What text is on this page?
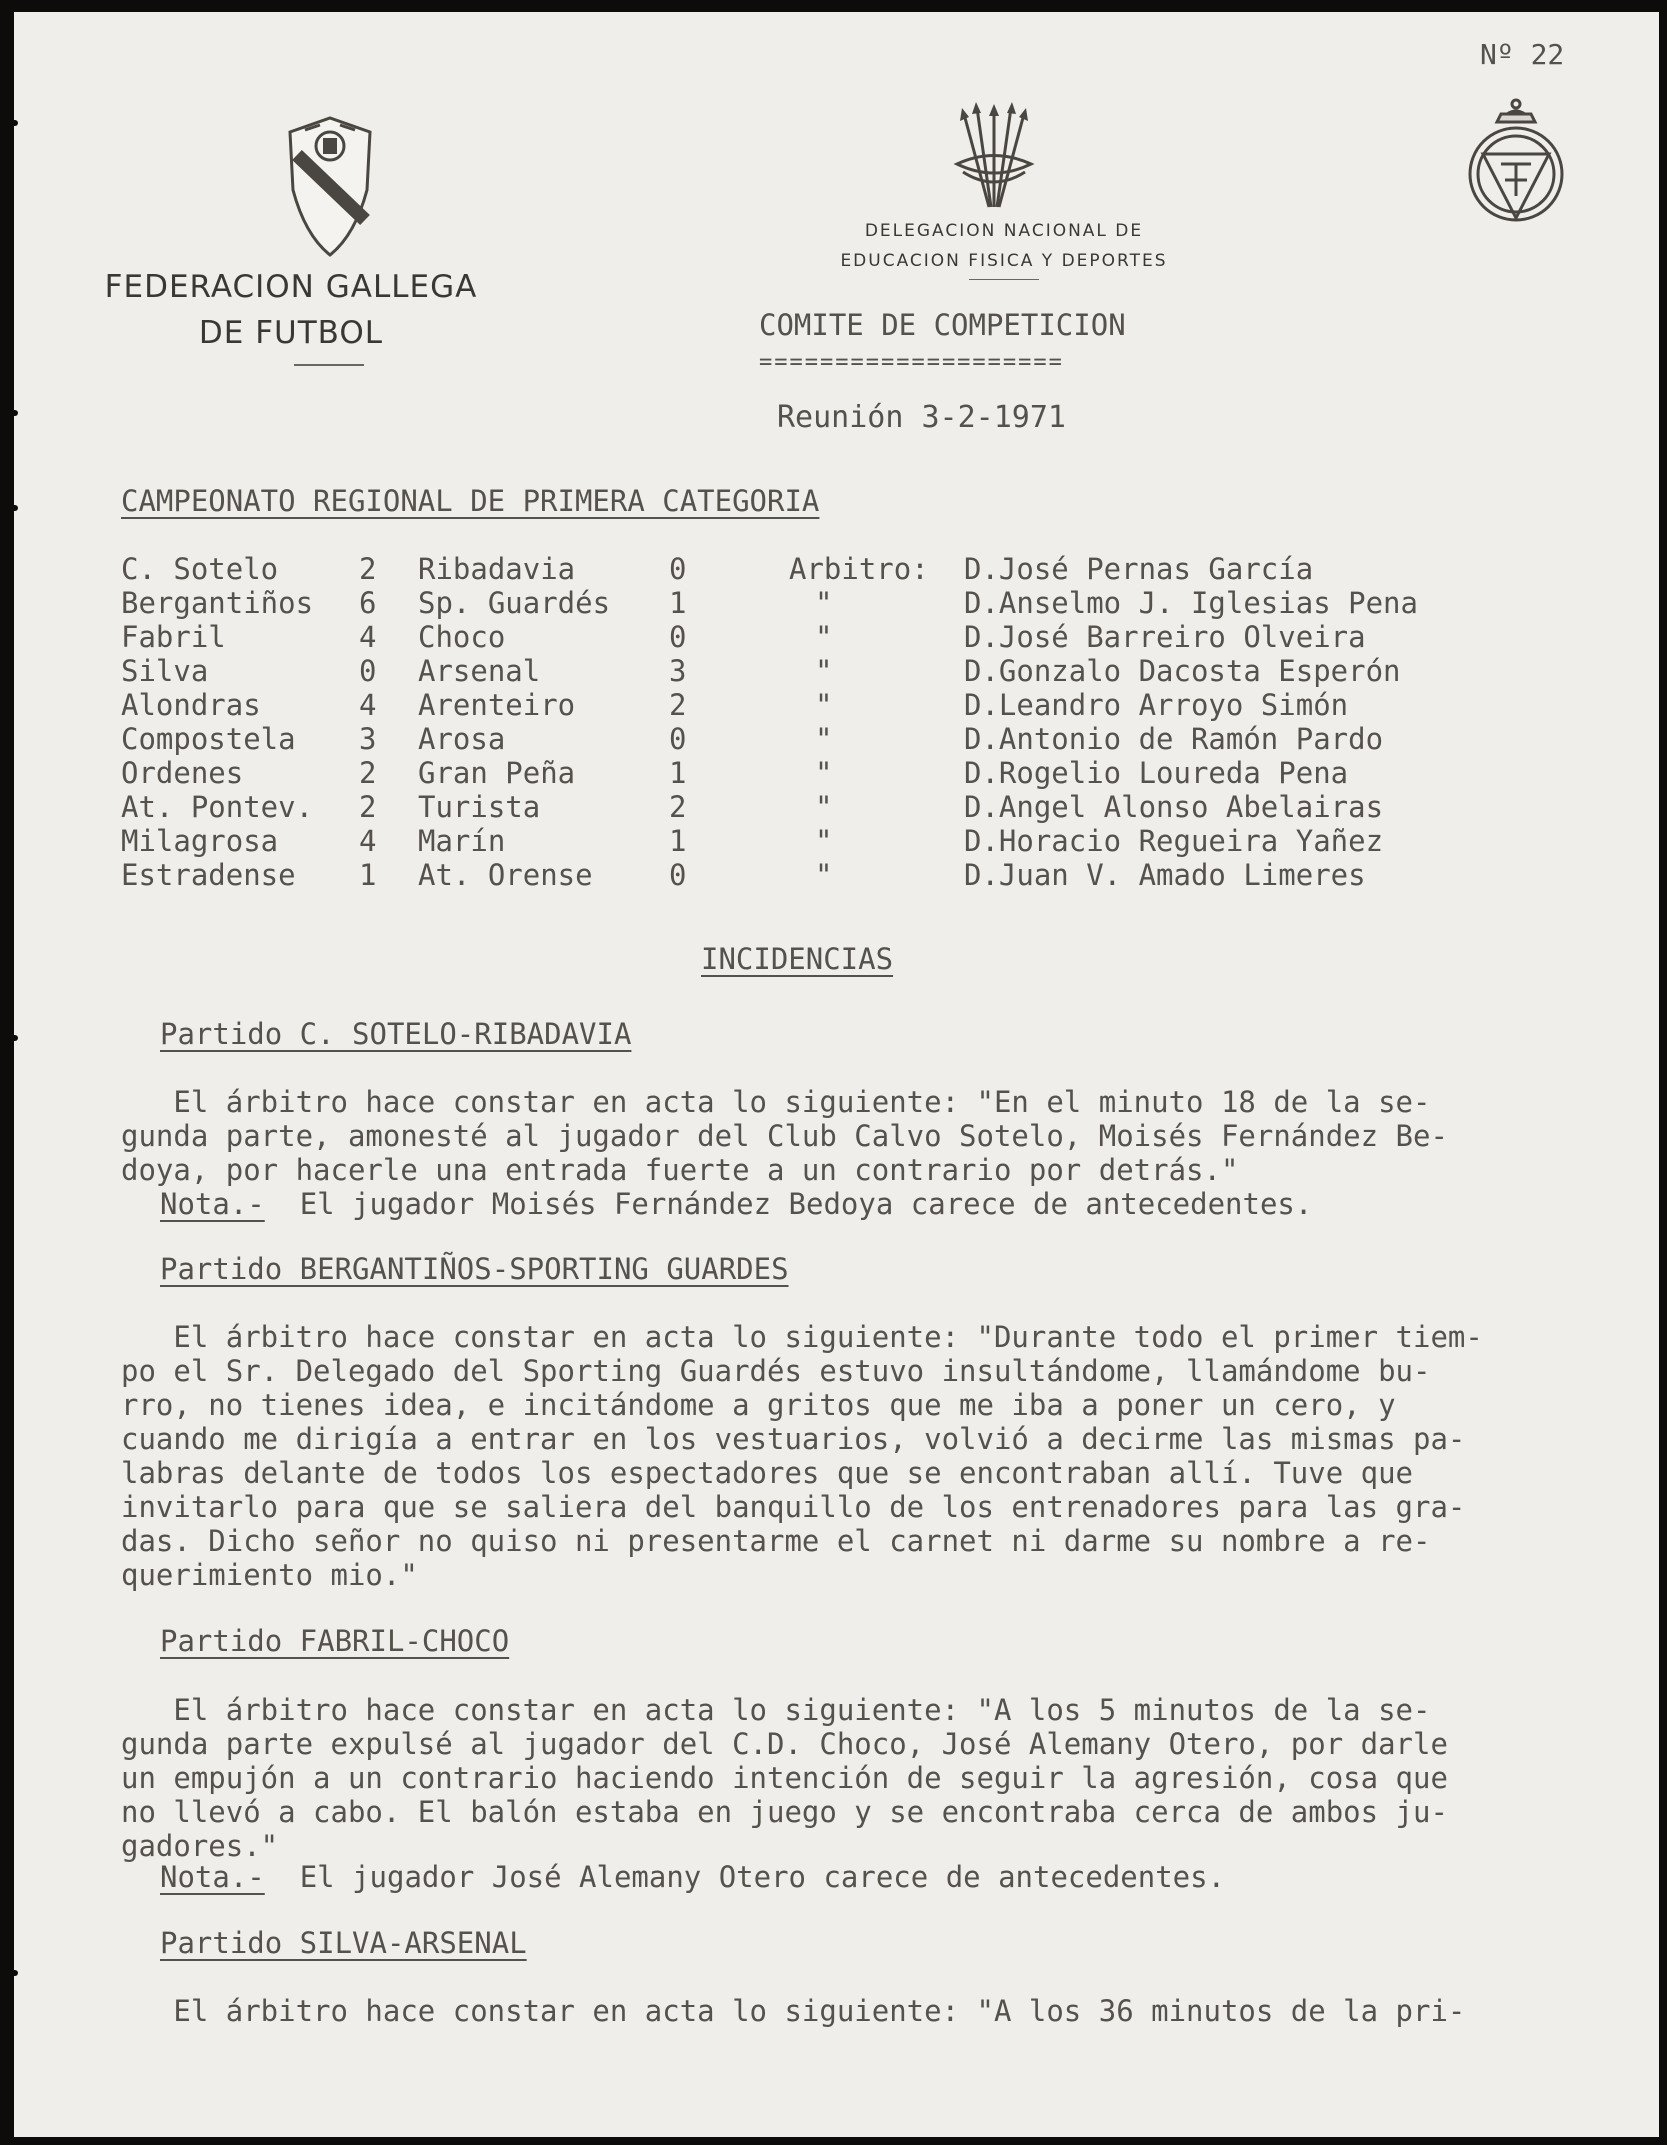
Nº 22
FEDERACION GALLEGA
DE FUTBOL
DELEGACION NACIONAL DE
EDUCACION FISICA Y DEPORTES
COMITE DE COMPETICION
====================
Reunión 3-2-1971
CAMPEONATO REGIONAL DE PRIMERA CATEGORIA
C. Sotelo	2 Ribadavia	0	Arbitro: D.José Pernas García
Bergantiños 6 Sp. Guardés 1	"	D.Anselmo J. Iglesias Pena
Fabril	4 Choco	0	"	D.José Barreiro Olveira
Silva	0 Arsenal	3	"	D.Gonzalo Dacosta Esperón
Alondras	4 Arenteiro	2	"	D.Leandro Arroyo Simón
Compostela 3 Arosa	0	"	D.Antonio de Ramón Pardo
Ordenes	2 Gran Peña	1	"	D.Rogelio Loureda Pena
At. Pontev. 2 Turista	2	"	D.Angel Alonso Abelairas
Milagrosa	4 Marín	1	"	D.Horacio Regueira Yañez
Estradense 1 At. Orense	0	"	D.Juan V. Amado Limeres
INCIDENCIAS
Partido C. SOTELO-RIBADAVIA
El árbitro hace constar en acta lo siguiente: "En el minuto 18 de la se-
gunda parte, amonesté al jugador del Club Calvo Sotelo, Moisés Fernández Be-
doya, por hacerle una entrada fuerte a un contrario por detrás."
Nota.- El jugador Moisés Fernández Bedoya carece de antecedentes.
Partido BERGANTIÑOS-SPORTING GUARDES
El árbitro hace constar en acta lo siguiente: "Durante todo el primer tiem-
po el Sr. Delegado del Sporting Guardés estuvo insultándome, llamándome bu-
rro, no tienes idea, e incitándome a gritos que me iba a poner un cero, y
cuando me dirigía a entrar en los vestuarios, volvió a decirme las mismas pa-
labras delante de todos los espectadores que se encontraban allí. Tuve que
invitarlo para que se saliera del banquillo de los entrenadores para las gra-
das. Dicho señor no quiso ni presentarme el carnet ni darme su nombre a re-
querimiento mio."
Partido FABRIL-CHOCO
El árbitro hace constar en acta lo siguiente: "A los 5 minutos de la se-
gunda parte expulsé al jugador del C.D. Choco, José Alemany Otero, por darle
un empujón a un contrario haciendo intención de seguir la agresión, cosa que
no llevó a cabo. El balón estaba en juego y se encontraba cerca de ambos ju-
gadores."
Nota.- El jugador José Alemany Otero carece de antecedentes.
Partido SILVA-ARSENAL
El árbitro hace constar en acta lo siguiente: "A los 36 minutos de la pri-
